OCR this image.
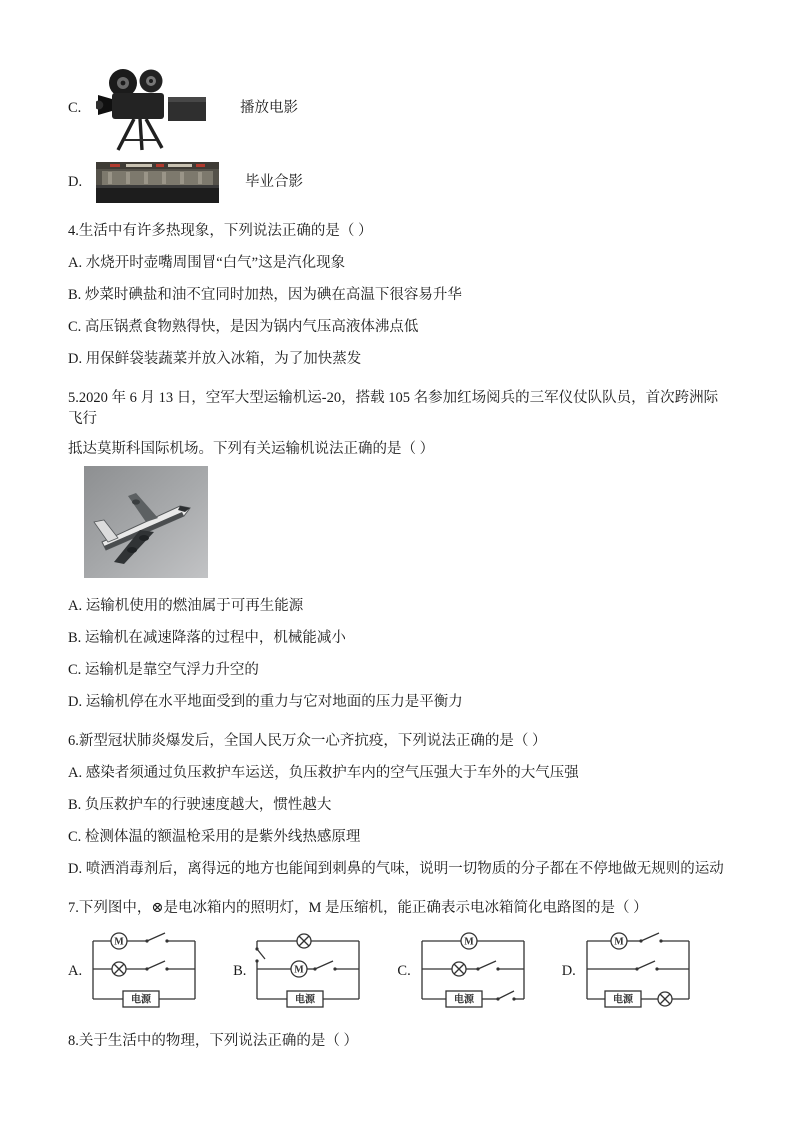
C.	播放电影
D.	毕业合影
4.生活中有许多热现象，下列说法正确的是（ ）
A. 水烧开时壶嘴周围冒“白气”这是汽化现象
B. 炒菜时碘盐和油不宜同时加热，因为碘在高温下很容易升华
C. 高压锅煮食物熟得快，是因为锅内气压高液体沸点低
D. 用保鲜袋装蔬菜并放入冰箱，为了加快蒸发
5.2020 年 6 月 13 日，空军大型运输机运-20，搭载 105 名参加红场阅兵的三军仪仗队队员，首次跨洲际飞行
抵达莫斯科国际机场。下列有关运输机说法正确的是（ ）
A. 运输机使用的燃油属于可再生能源
B. 运输机在减速降落的过程中，机械能减小
C. 运输机是靠空气浮力升空的
D. 运输机停在水平地面受到的重力与它对地面的压力是平衡力
6.新型冠状肺炎爆发后，全国人民万众一心齐抗疫，下列说法正确的是（ ）
A. 感染者须通过负压救护车运送，负压救护车内的空气压强大于车外的大气压强
B. 负压救护车的行驶速度越大，惯性越大
C. 检测体温的额温枪采用的是紫外线热感原理
D. 喷洒消毒剂后，离得远的地方也能闻到刺鼻的气味，说明一切物质的分子都在不停地做无规则的运动
7.下列图中，⊗是电冰箱内的照明灯，M 是压缩机，能正确表示电冰箱简化电路图的是（ ）
A.
M
电源
B.	M
电源
C.
M
电源
D.
M
电源
8.关于生活中的物理，下列说法正确的是（ ）
